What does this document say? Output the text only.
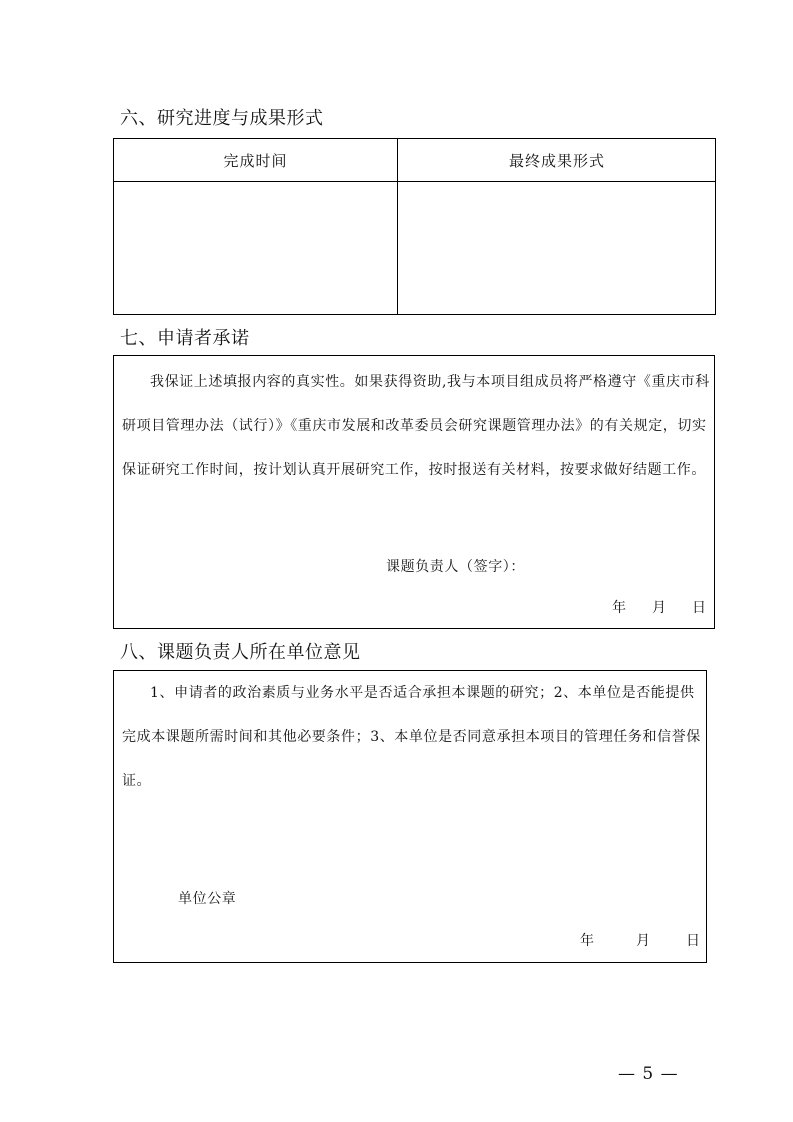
六、研究进度与成果形式
完成时间	最终成果形式
七、申请者承诺
我保证上述填报内容的真实性。如果获得资助,我与本项目组成员将严格遵守《重庆市科研项目管理办法（试行）》《重庆市发展和改革委员会研究课题管理办法》的有关规定，切实保证研究工作时间，按计划认真开展研究工作，按时报送有关材料，按要求做好结题工作。
课题负责人（签字）：
年 月 日
八、课题负责人所在单位意见
1、申请者的政治素质与业务水平是否适合承担本课题的研究；2、本单位是否能提供完成本课题所需时间和其他必要条件；3、本单位是否同意承担本项目的管理任务和信誉保证。
单位公章
年	月	日
— 5 —
